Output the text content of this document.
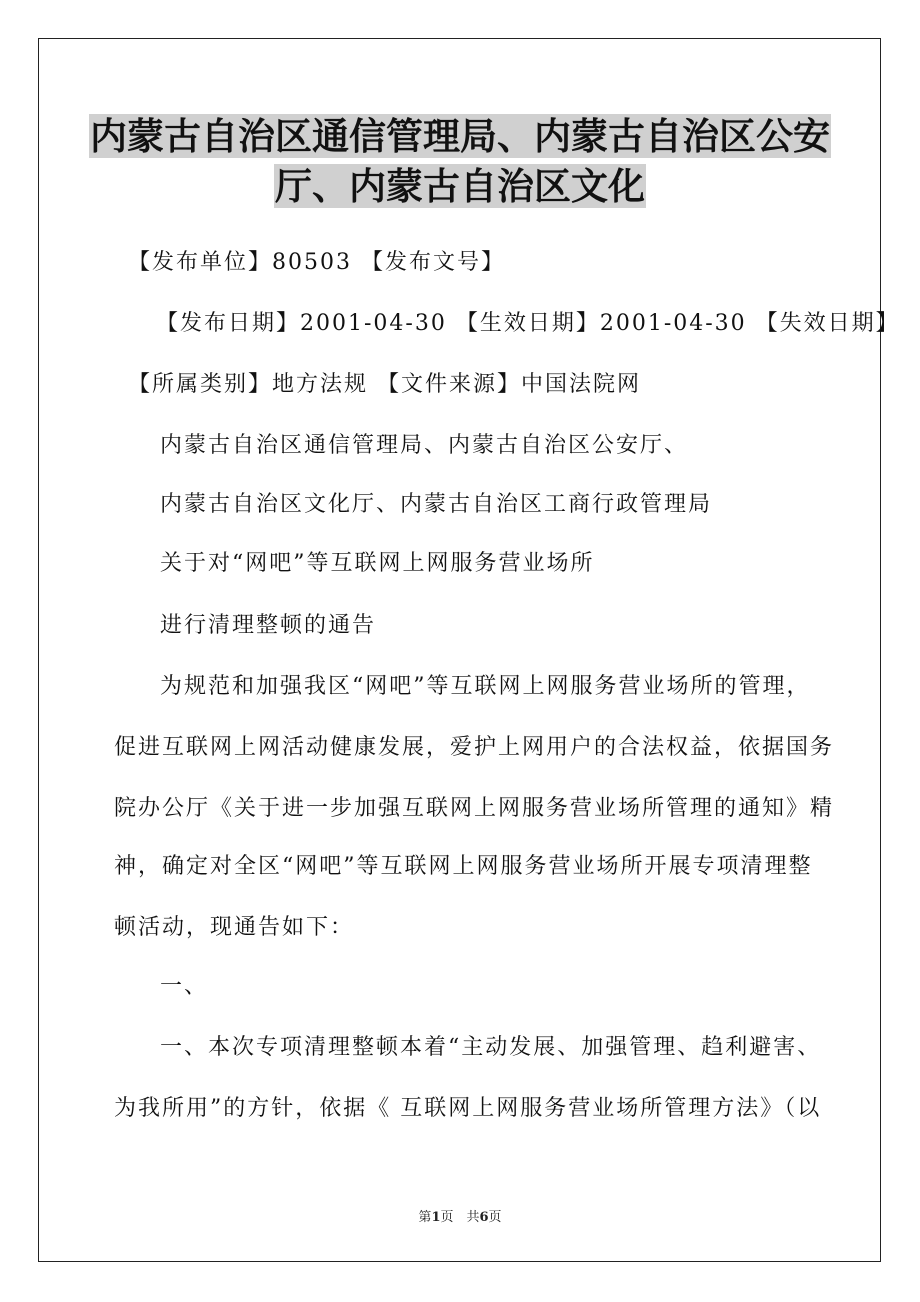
内蒙古自治区通信管理局、内蒙古自治区公安
厅、内蒙古自治区文化
【发布单位】80503 【发布文号】
【发布日期】2001-04-30 【生效日期】2001-04-30 【失效日期】
【所属类别】地方法规 【文件来源】中国法院网
内蒙古自治区通信管理局、内蒙古自治区公安厅、
内蒙古自治区文化厅、内蒙古自治区工商行政管理局
关于对“网吧”等互联网上网服务营业场所
进行清理整顿的通告
为规范和加强我区“网吧”等互联网上网服务营业场所的管理，
促进互联网上网活动健康发展，爱护上网用户的合法权益，依据国务
院办公厅《关于进一步加强互联网上网服务营业场所管理的通知》精
神，确定对全区“网吧”等互联网上网服务营业场所开展专项清理整
顿活动，现通告如下：
一、
一、本次专项清理整顿本着“主动发展、加强管理、趋利避害、
为我所用”的方针，依据《 互联网上网服务营业场所管理方法》（以
第1页　共6页
